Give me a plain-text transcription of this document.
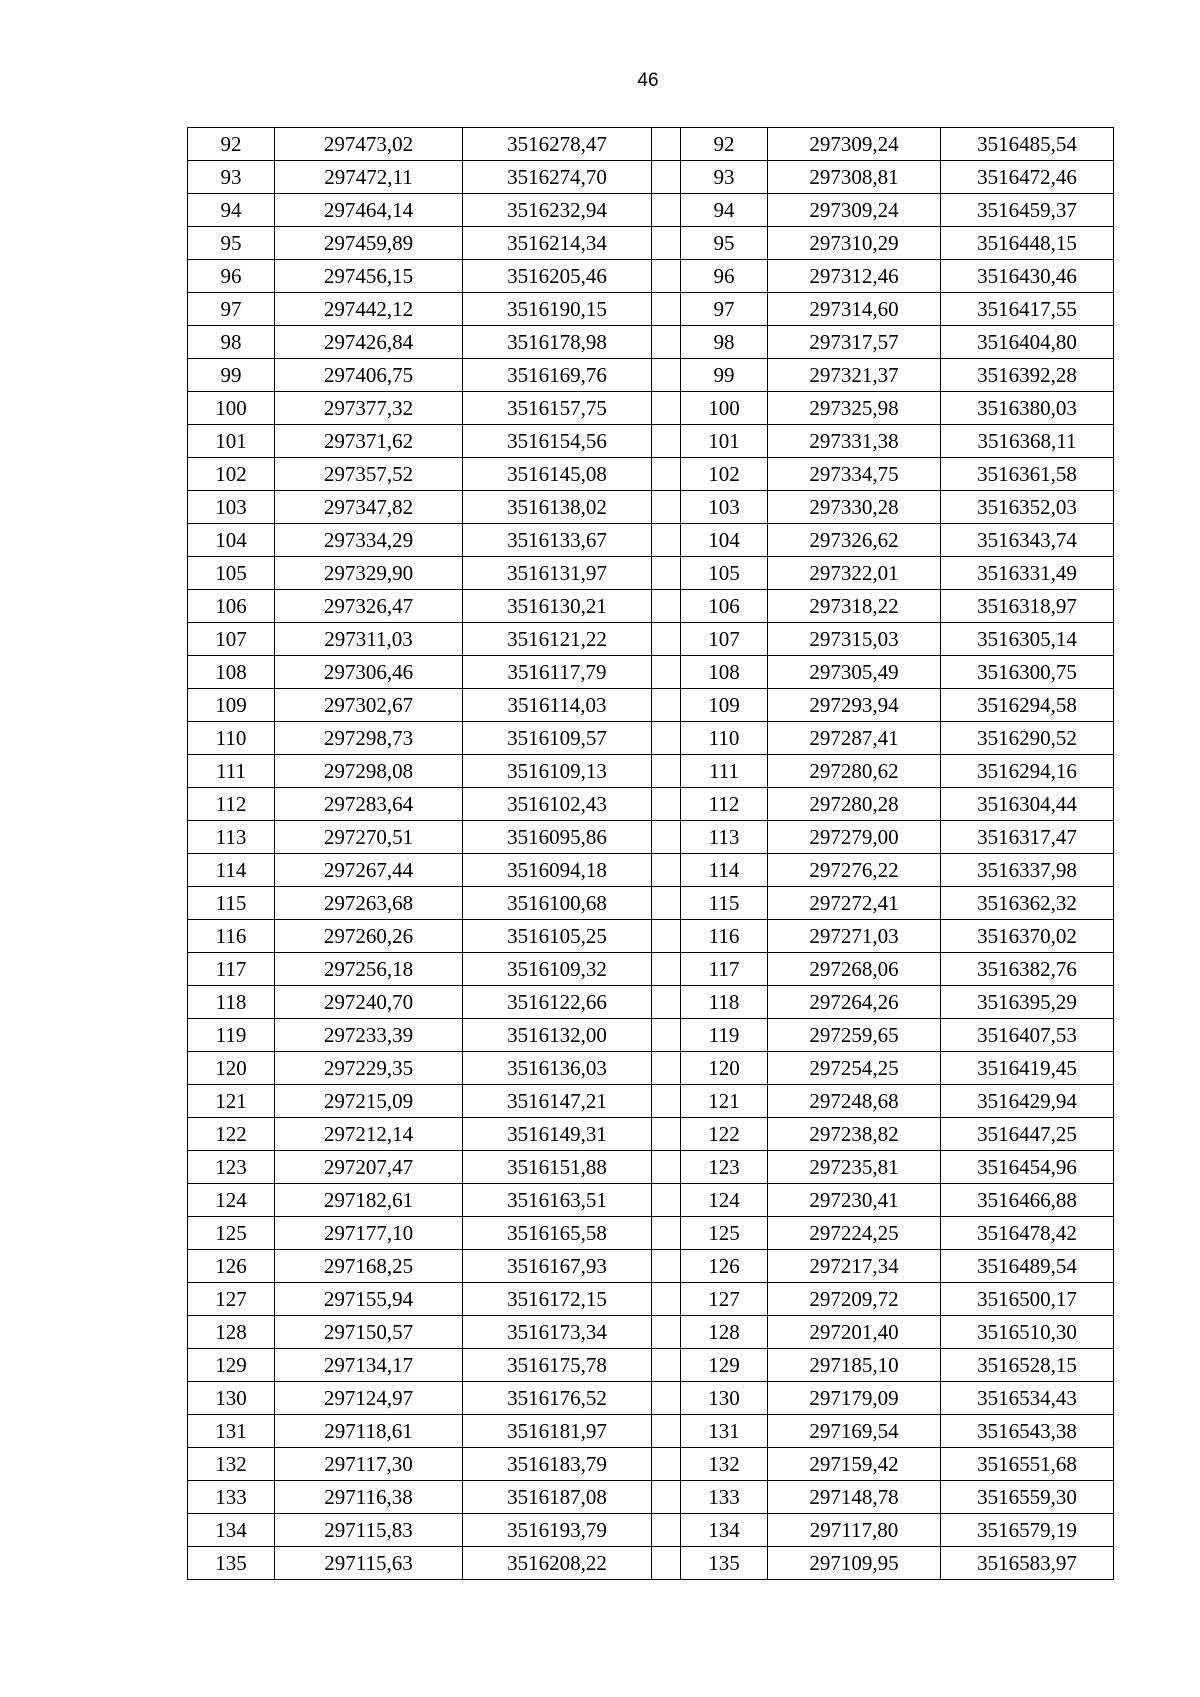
46
92	297473,02	3516278,47		92	297309,24	3516485,54
93	297472,11	3516274,70		93	297308,81	3516472,46
94	297464,14	3516232,94		94	297309,24	3516459,37
95	297459,89	3516214,34		95	297310,29	3516448,15
96	297456,15	3516205,46		96	297312,46	3516430,46
97	297442,12	3516190,15		97	297314,60	3516417,55
98	297426,84	3516178,98		98	297317,57	3516404,80
99	297406,75	3516169,76		99	297321,37	3516392,28
100	297377,32	3516157,75		100	297325,98	3516380,03
101	297371,62	3516154,56		101	297331,38	3516368,11
102	297357,52	3516145,08		102	297334,75	3516361,58
103	297347,82	3516138,02		103	297330,28	3516352,03
104	297334,29	3516133,67		104	297326,62	3516343,74
105	297329,90	3516131,97		105	297322,01	3516331,49
106	297326,47	3516130,21		106	297318,22	3516318,97
107	297311,03	3516121,22		107	297315,03	3516305,14
108	297306,46	3516117,79		108	297305,49	3516300,75
109	297302,67	3516114,03		109	297293,94	3516294,58
110	297298,73	3516109,57		110	297287,41	3516290,52
111	297298,08	3516109,13		111	297280,62	3516294,16
112	297283,64	3516102,43		112	297280,28	3516304,44
113	297270,51	3516095,86		113	297279,00	3516317,47
114	297267,44	3516094,18		114	297276,22	3516337,98
115	297263,68	3516100,68		115	297272,41	3516362,32
116	297260,26	3516105,25		116	297271,03	3516370,02
117	297256,18	3516109,32		117	297268,06	3516382,76
118	297240,70	3516122,66		118	297264,26	3516395,29
119	297233,39	3516132,00		119	297259,65	3516407,53
120	297229,35	3516136,03		120	297254,25	3516419,45
121	297215,09	3516147,21		121	297248,68	3516429,94
122	297212,14	3516149,31		122	297238,82	3516447,25
123	297207,47	3516151,88		123	297235,81	3516454,96
124	297182,61	3516163,51		124	297230,41	3516466,88
125	297177,10	3516165,58		125	297224,25	3516478,42
126	297168,25	3516167,93		126	297217,34	3516489,54
127	297155,94	3516172,15		127	297209,72	3516500,17
128	297150,57	3516173,34		128	297201,40	3516510,30
129	297134,17	3516175,78		129	297185,10	3516528,15
130	297124,97	3516176,52		130	297179,09	3516534,43
131	297118,61	3516181,97		131	297169,54	3516543,38
132	297117,30	3516183,79		132	297159,42	3516551,68
133	297116,38	3516187,08		133	297148,78	3516559,30
134	297115,83	3516193,79		134	297117,80	3516579,19
135	297115,63	3516208,22		135	297109,95	3516583,97
